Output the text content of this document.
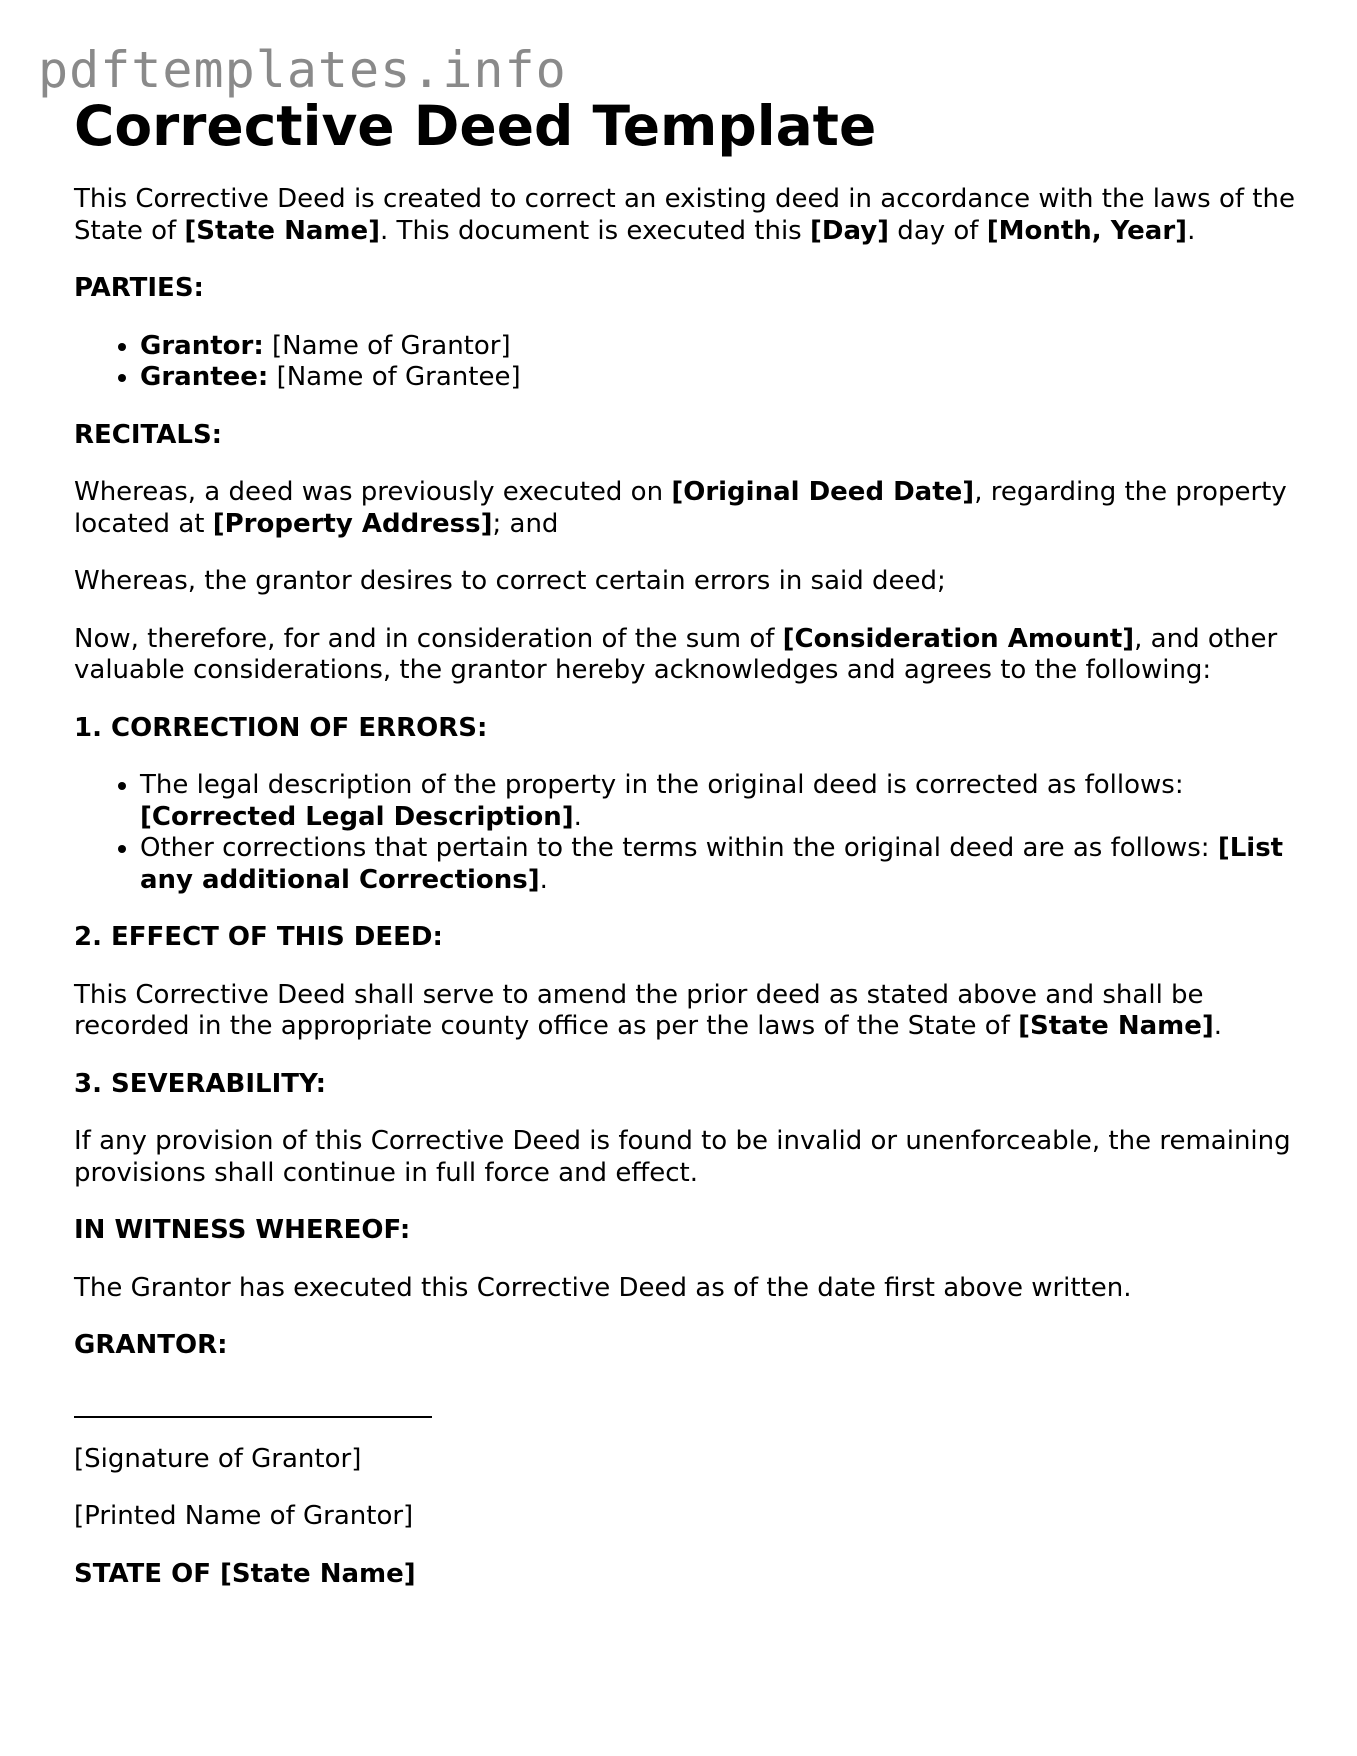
pdftemplates.info
Corrective Deed Template

This Corrective Deed is created to correct an existing deed in accordance with the laws of the State of [State Name]. This document is executed this [Day] day of [Month, Year].

PARTIES:

• Grantor: [Name of Grantor]
• Grantee: [Name of Grantee]

RECITALS:

Whereas, a deed was previously executed on [Original Deed Date], regarding the property located at [Property Address]; and

Whereas, the grantor desires to correct certain errors in said deed;

Now, therefore, for and in consideration of the sum of [Consideration Amount], and other valuable considerations, the grantor hereby acknowledges and agrees to the following:

1. CORRECTION OF ERRORS:

• The legal description of the property in the original deed is corrected as follows: [Corrected Legal Description].
• Other corrections that pertain to the terms within the original deed are as follows: [List any additional Corrections].

2. EFFECT OF THIS DEED:

This Corrective Deed shall serve to amend the prior deed as stated above and shall be recorded in the appropriate county office as per the laws of the State of [State Name].

3. SEVERABILITY:

If any provision of this Corrective Deed is found to be invalid or unenforceable, the remaining provisions shall continue in full force and effect.

IN WITNESS WHEREOF:

The Grantor has executed this Corrective Deed as of the date first above written.

GRANTOR:

[Signature of Grantor]

[Printed Name of Grantor]

STATE OF [State Name]
